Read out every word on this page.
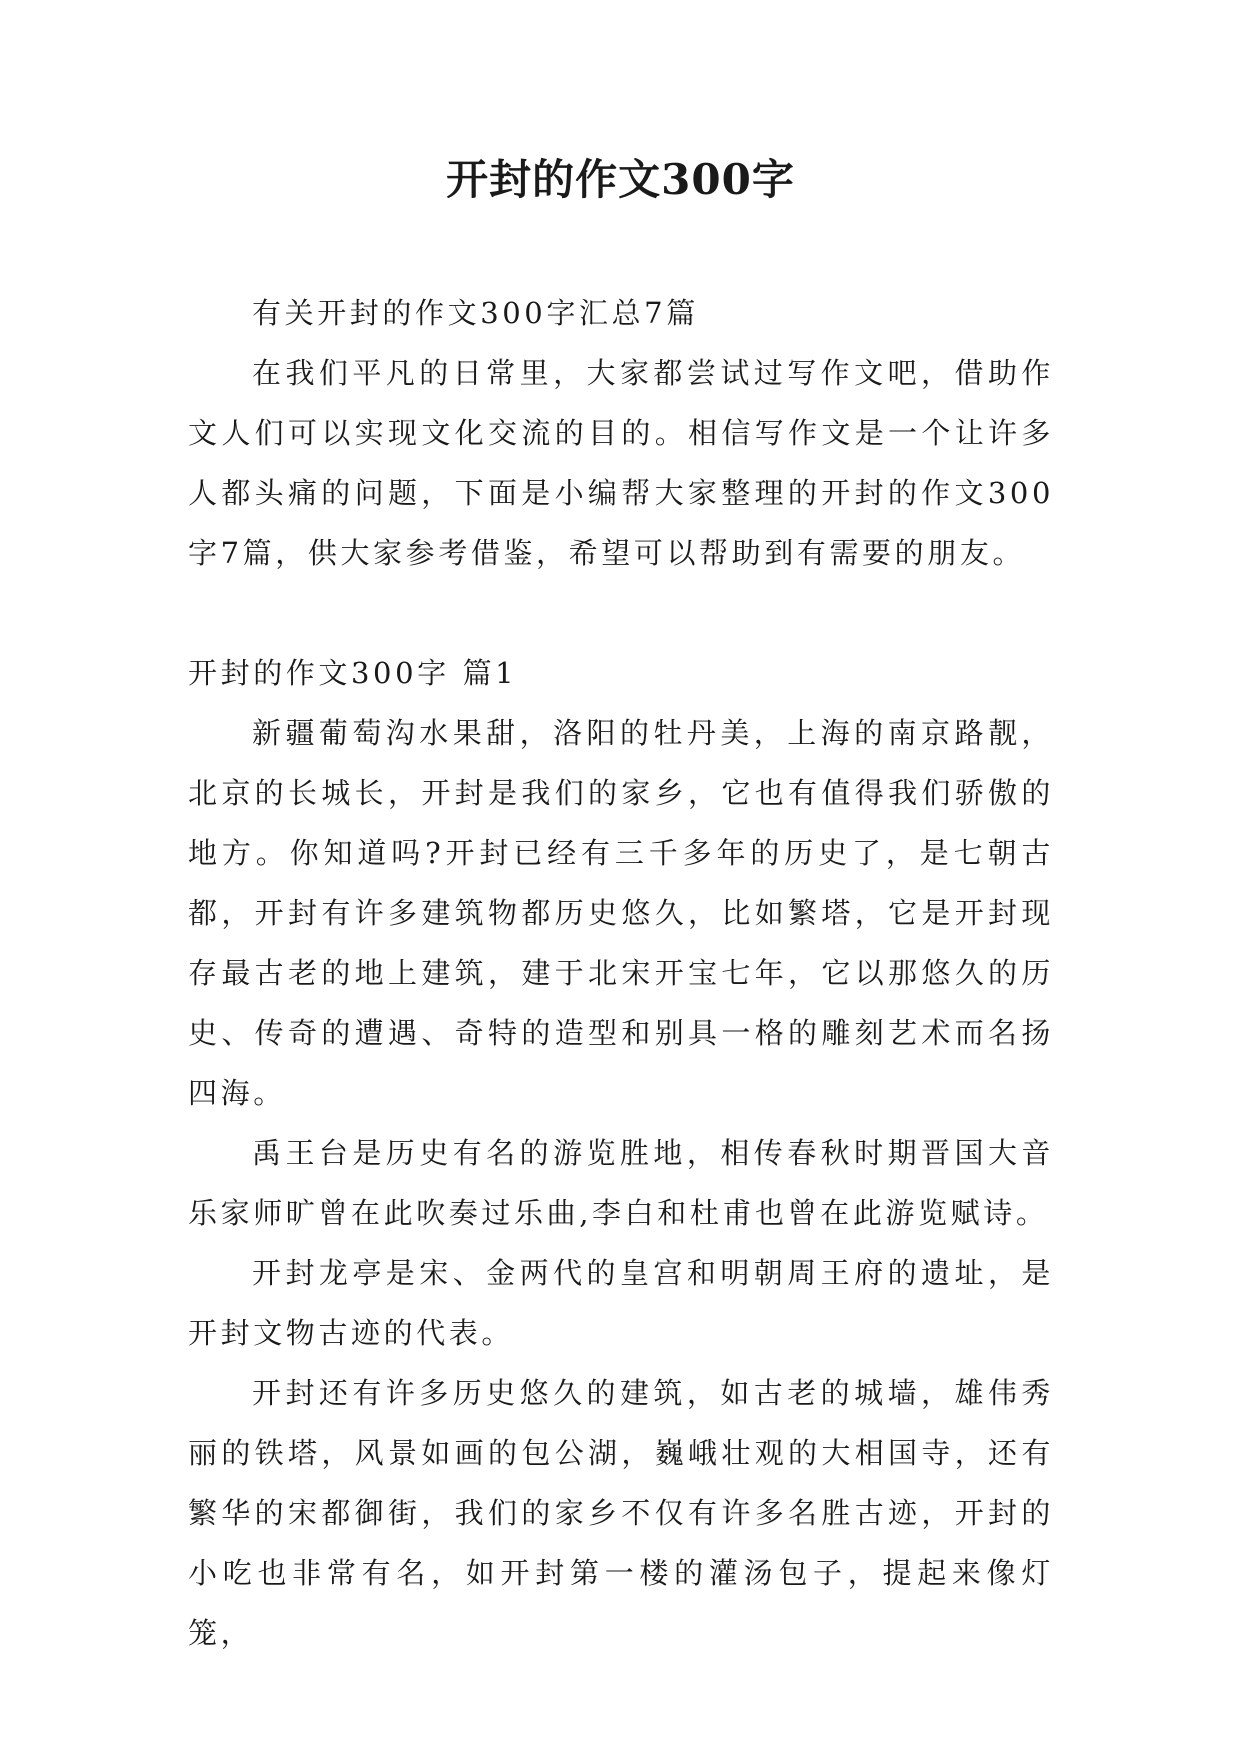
开封的作文300字

有关开封的作文300字汇总7篇

在我们平凡的日常里，大家都尝试过写作文吧，借助作文人们可以实现文化交流的目的。相信写作文是一个让许多人都头痛的问题，下面是小编帮大家整理的开封的作文300字7篇，供大家参考借鉴，希望可以帮助到有需要的朋友。

开封的作文300字 篇1

新疆葡萄沟水果甜，洛阳的牡丹美，上海的南京路靓，北京的长城长，开封是我们的家乡，它也有值得我们骄傲的地方。你知道吗?开封已经有三千多年的历史了，是七朝古都，开封有许多建筑物都历史悠久，比如繁塔，它是开封现存最古老的地上建筑，建于北宋开宝七年，它以那悠久的历史、传奇的遭遇、奇特的造型和别具一格的雕刻艺术而名扬四海。

禹王台是历史有名的游览胜地，相传春秋时期晋国大音乐家师旷曾在此吹奏过乐曲,李白和杜甫也曾在此游览赋诗。

开封龙亭是宋、金两代的皇宫和明朝周王府的遗址，是开封文物古迹的代表。

开封还有许多历史悠久的建筑，如古老的城墙，雄伟秀丽的铁塔，风景如画的包公湖，巍峨壮观的大相国寺，还有繁华的宋都御街，我们的家乡不仅有许多名胜古迹，开封的小吃也非常有名，如开封第一楼的灌汤包子，提起来像灯笼，
